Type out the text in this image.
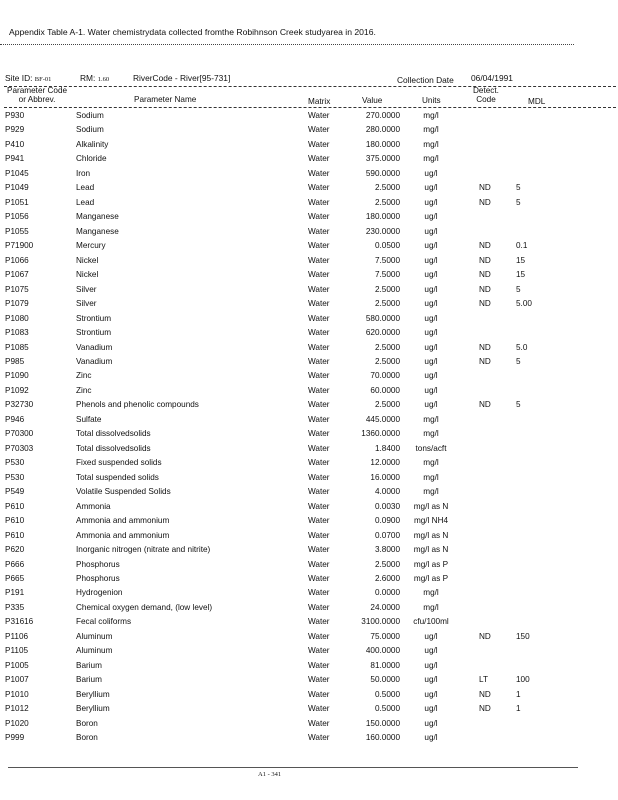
Appendix Table A-1. Water chemistrydata collected fromthe Robihnson Creek studyarea in 2016.
Site ID: BF-01	RM: 1.60	RiverCode - River[95-731]	Collection Date 06/04/1991
Parameter Code
or Abbrev.	Parameter Name	Matrix	Value	Units
Detect.
Code	MDL
P930	Sodium	Water	270.0000	mg/l
P929	Sodium	Water	280.0000	mg/l
P410	Alkalinity	Water	180.0000	mg/l
P941	Chloride	Water	375.0000	mg/l
P1045	Iron	Water	590.0000	ug/l
P1049	Lead	Water	2.5000	ug/l	ND	5
P1051	Lead	Water	2.5000	ug/l	ND	5
P1056	Manganese	Water	180.0000	ug/l
P1055	Manganese	Water	230.0000	ug/l
P71900	Mercury	Water	0.0500	ug/l	ND	0.1
P1066	Nickel	Water	7.5000	ug/l	ND	15
P1067	Nickel	Water	7.5000	ug/l	ND	15
P1075	Silver	Water	2.5000	ug/l	ND	5
P1079	Silver	Water	2.5000	ug/l	ND	5.00
P1080	Strontium	Water	580.0000	ug/l
P1083	Strontium	Water	620.0000	ug/l
P1085	Vanadium	Water	2.5000	ug/l	ND	5.0
P985	Vanadium	Water	2.5000	ug/l	ND	5
P1090	Zinc	Water	70.0000	ug/l
P1092	Zinc	Water	60.0000	ug/l
P32730	Phenols and phenolic compounds	Water	2.5000	ug/l	ND	5
P946	Sulfate	Water	445.0000	mg/l
P70300	Total dissolvedsolids	Water	1360.0000	mg/l
P70303	Total dissolvedsolids	Water	1.8400	tons/acft
P530	Fixed suspended solids	Water	12.0000	mg/l
P530	Total suspended solids	Water	16.0000	mg/l
P549	Volatile Suspended Solids	Water	4.0000	mg/l
P610	Ammonia	Water	0.0030	mg/l as N
P610	Ammonia and ammonium	Water	0.0900	mg/l NH4
P610	Ammonia and ammonium	Water	0.0700	mg/l as N
P620	Inorganic nitrogen (nitrate and nitrite)	Water	3.8000	mg/l as N
P666	Phosphorus	Water	2.5000	mg/l as P
P665	Phosphorus	Water	2.6000	mg/l as P
P191	Hydrogenion	Water	0.0000	mg/l
P335	Chemical oxygen demand, (low level)	Water	24.0000	mg/l
P31616	Fecal coliforms	Water	3100.0000 cfu/100ml
P1106	Aluminum	Water	75.0000	ug/l	ND	150
P1105	Aluminum	Water	400.0000	ug/l
P1005	Barium	Water	81.0000	ug/l
P1007	Barium	Water	50.0000	ug/l	LT	100
P1010	Beryllium	Water	0.5000	ug/l	ND	1
P1012	Beryllium	Water	0.5000	ug/l	ND	1
P1020	Boron	Water	150.0000	ug/l
P999	Boron	Water	160.0000	ug/l
A1 - 341
